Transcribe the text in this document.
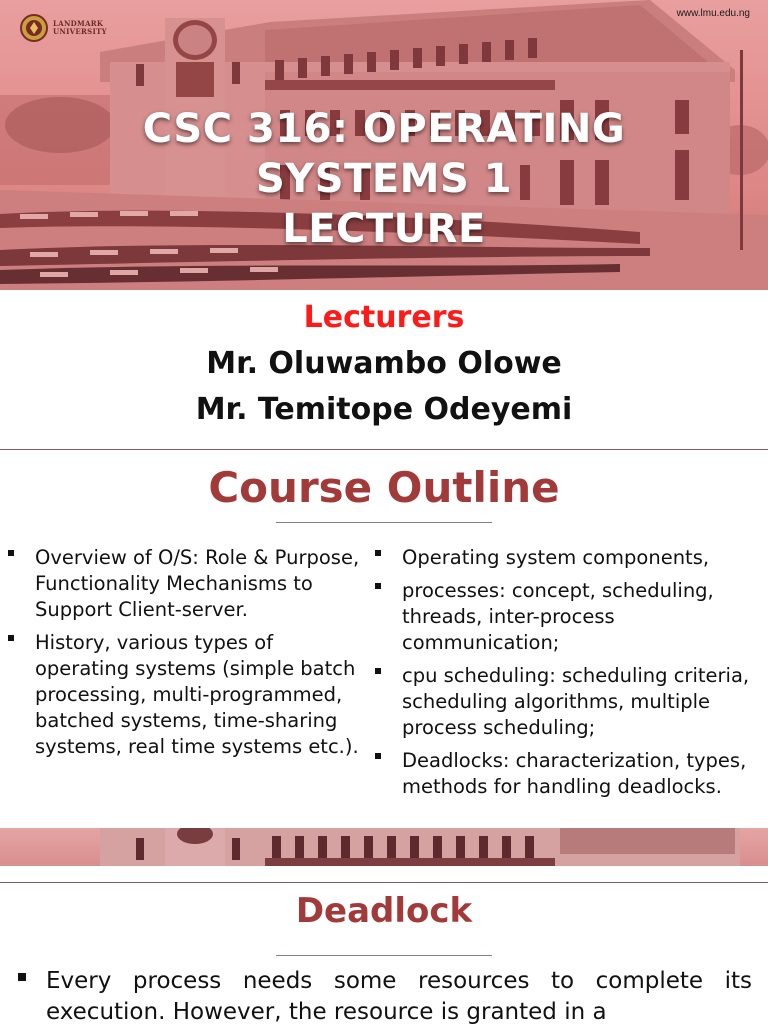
LANDMARK UNIVERSITY
www.lmu.edu.ng
CSC 316: OPERATING
SYSTEMS 1
LECTURE
Lecturers
Mr. Oluwambo Olowe
Mr. Temitope Odeyemi
Course Outline
Overview of O/S: Role & Purpose, Functionality Mechanisms to Support Client-server.
History, various types of operating systems (simple batch processing, multi-programmed, batched systems, time-sharing systems, real time systems etc.).
Operating system components,
processes: concept, scheduling, threads, inter-process communication;
cpu scheduling: scheduling criteria, scheduling algorithms, multiple process scheduling;
Deadlocks: characterization, types, methods for handling deadlocks.
Deadlock

Every process needs some resources to complete its execution. However, the resource is granted in a
